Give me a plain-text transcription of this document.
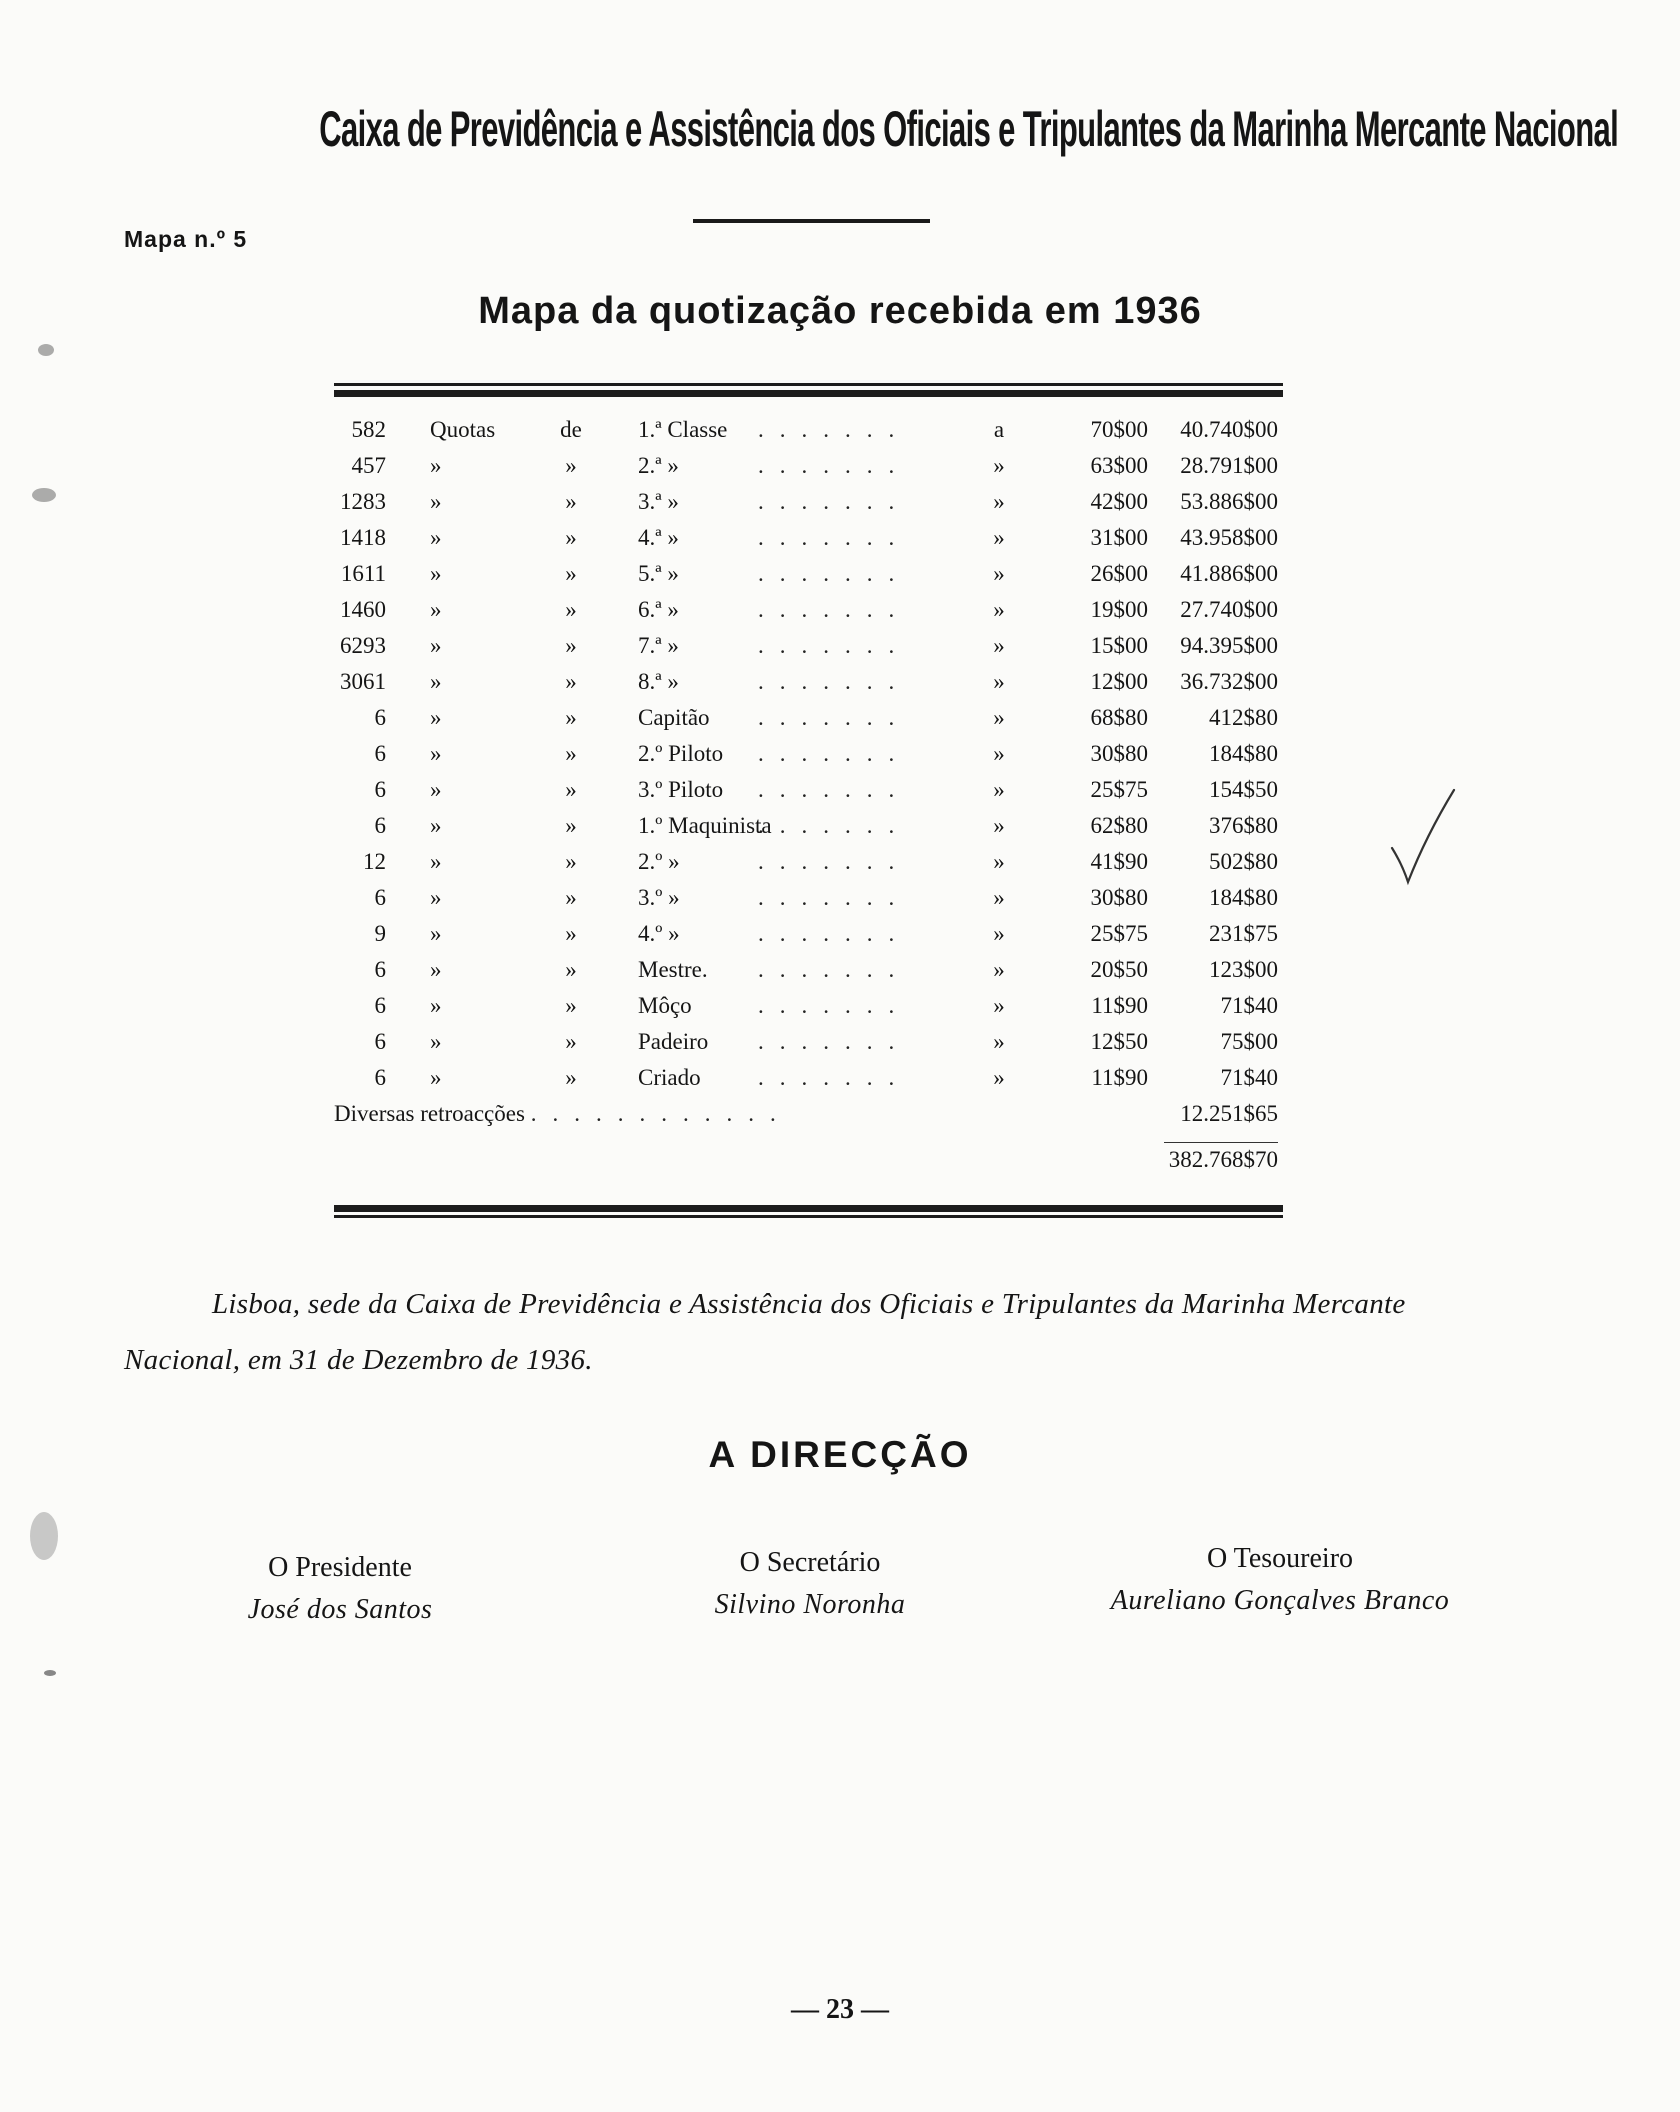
Caixa de Previdência e Assistência dos Oficiais e Tripulantes da Marinha Mercante Nacional
Mapa n.º 5
Mapa da quotização recebida em 1936
.......
582 Quotas	de 1.ª Classe	a	70$00	40.740$00
.......
457 »	»	2.ª »	»	63$00	28.791$00
.......
1283 »	»	3.ª »	»	42$00	53.886$00
.......
1418 »	»	4.ª »	»	31$00	43.958$00
.......
1611 »	»	5.ª »	»	26$00	41.886$00
.......
1460 »	»	6.ª »	»	19$00	27.740$00
.......
6293 »	»	7.ª »	»	15$00	94.395$00
.......
3061 »	»	8.ª »	»	12$00	36.732$00
.......
6 »	»	Capitão	»	68$80	412$80
.......
6 »	»	2.º Piloto	»	30$80	184$80
.......
6 »	»	3.º Piloto	»	25$75	154$50
.......
6 »	»	1.º Maquinista	»	62$80	376$80
.......
12 »	»	2.º »	»	41$90	502$80
.......
6 »	»	3.º »	»	30$80	184$80
.......
9 »	»	4.º »	»	25$75	231$75
.......
6 »	»	Mestre.	»	20$50	123$00
.......
6 »	»	Môço	»	11$90	71$40
.......
6 »	»	Padeiro	»	12$50	75$00
.......
6 »	»	Criado	»	11$90	71$40
Diversas retroacções ............	12.251$65
382.768$70
Lisboa, sede da Caixa de Previdência e Assistência dos Oficiais e Tripulantes da Marinha Mercante Nacional, em 31 de Dezembro de 1936.
A DIRECÇÃO
O Presidente
José dos Santos
O Secretário
Silvino Noronha
O Tesoureiro
Aureliano Gonçalves Branco
— 23 —
